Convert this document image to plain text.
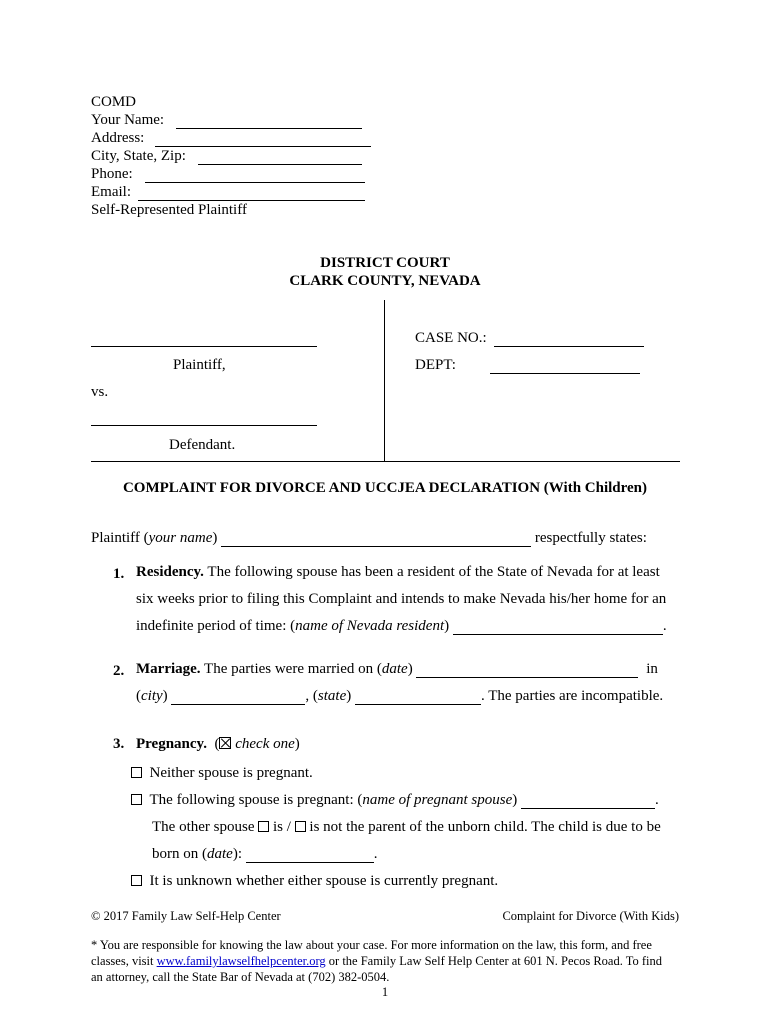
COMD
Your Name:
Address:
City, State, Zip:
Phone:
Email:
Self-Represented Plaintiff
DISTRICT COURT
CLARK COUNTY, NEVADA
Plaintiff,
vs.
Defendant.
CASE NO.:
DEPT:
COMPLAINT FOR DIVORCE AND UCCJEA DECLARATION (With Children)
Plaintiff (your name)	respectfully states:
1. Residency. The following spouse has been a resident of the State of Nevada for at least
six weeks prior to filing this Complaint and intends to make Nevada his/her home for an
indefinite period of time: (name of Nevada resident)	.
2. Marriage. The parties were married on (date)	in
(city)	, (state)	. The parties are incompatible.
3. Pregnancy. ( check one)
Neither spouse is pregnant.
The following spouse is pregnant: (name of pregnant spouse)	.
The other spouse is / is not the parent of the unborn child. The child is due to be
born on (date):	.
It is unknown whether either spouse is currently pregnant.
© 2017 Family Law Self-Help Center	Complaint for Divorce (With Kids)
* You are responsible for knowing the law about your case. For more information on the law, this form, and free
classes, visit www.familylawselfhelpcenter.org or the Family Law Self Help Center at 601 N. Pecos Road. To find
an attorney, call the State Bar of Nevada at (702) 382-0504.
1
